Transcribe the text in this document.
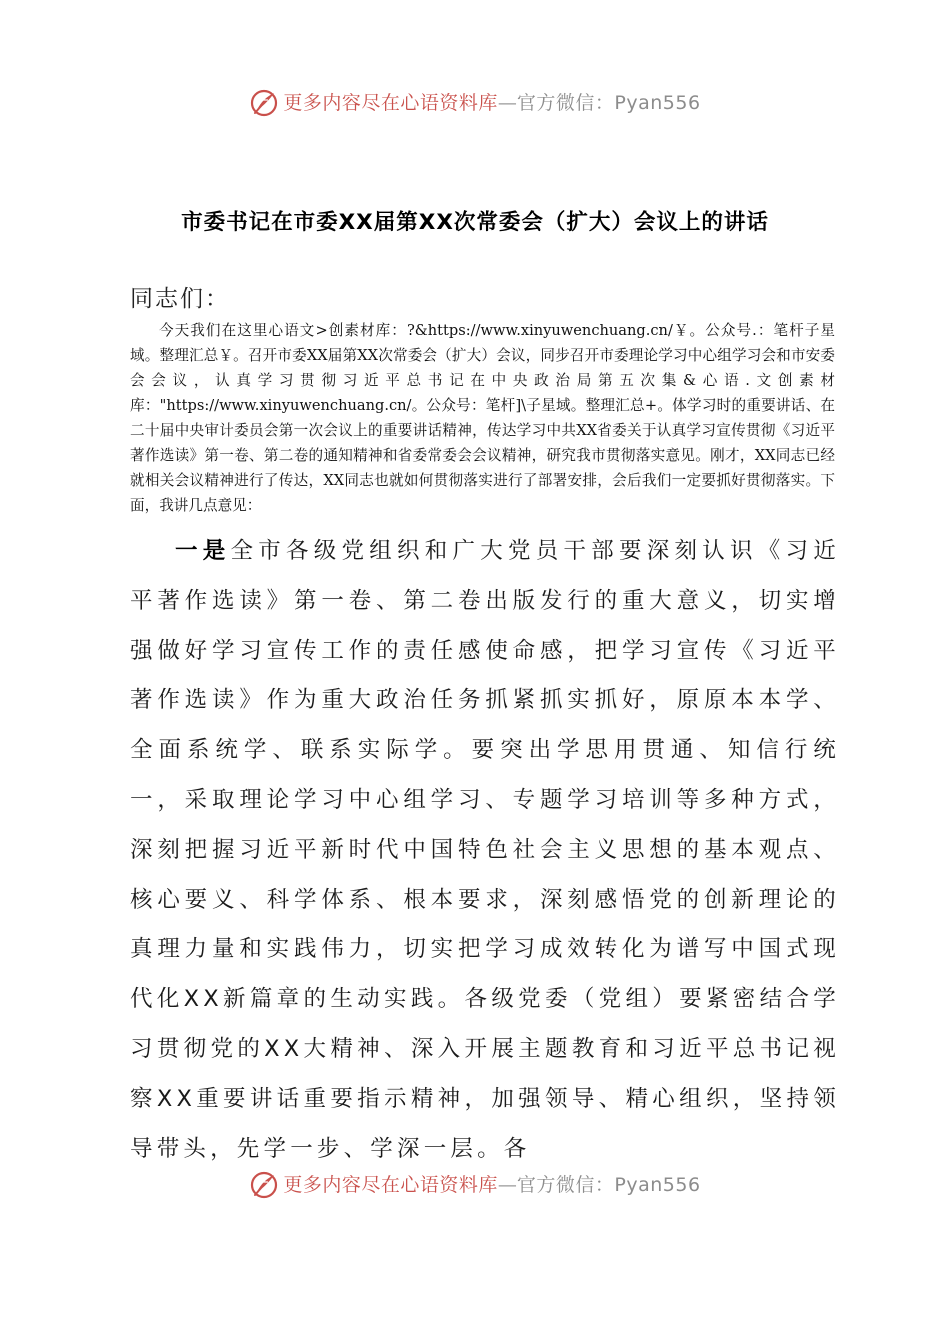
更多内容尽在心语资料库—官方微信：Pyan556
市委书记在市委XX届第XX次常委会（扩大）会议上的讲话
同志们：

今天我们在这里心语文>创素材库：?&https://www.xinyuwenchuang.cn/￥。公众号.：笔杆子星域。整理汇总￥。召开市委XX届第XX次常委会（扩大）会议，同步召开市委理论学习中心组学习会和市安委会会议，认真学习贯彻习近平总书记在中央政治局第五次集&心语.文创素材库："https://www.xinyuwenchuang.cn/。公众号：笔杆]\子星域。整理汇总+。体学习时的重要讲话、在二十届中央审计委员会第一次会议上的重要讲话精神，传达学习中共XX省委关于认真学习宣传贯彻《习近平著作选读》第一卷、第二卷的通知精神和省委常委会会议精神，研究我市贯彻落实意见。刚才，XX同志已经就相关会议精神进行了传达，XX同志也就如何贯彻落实进行了部署安排，会后我们一定要抓好贯彻落实。下面，我讲几点意见：

一是全市各级党组织和广大党员干部要深刻认识《习近平著作选读》第一卷、第二卷出版发行的重大意义，切实增强做好学习宣传工作的责任感使命感，把学习宣传《习近平著作选读》作为重大政治任务抓紧抓实抓好，原原本本学、全面系统学、联系实际学。要突出学思用贯通、知信行统一，采取理论学习中心组学习、专题学习培训等多种方式，深刻把握习近平新时代中国特色社会主义思想的基本观点、核心要义、科学体系、根本要求，深刻感悟党的创新理论的真理力量和实践伟力，切实把学习成效转化为谱写中国式现代化XX新篇章的生动实践。各级党委（党组）要紧密结合学习贯彻党的XX大精神、深入开展主题教育和习近平总书记视察XX重要讲话重要指示精神，加强领导、精心组织，坚持领导带头，先学一步、学深一层。各

更多内容尽在心语资料库—官方微信：Pyan556
